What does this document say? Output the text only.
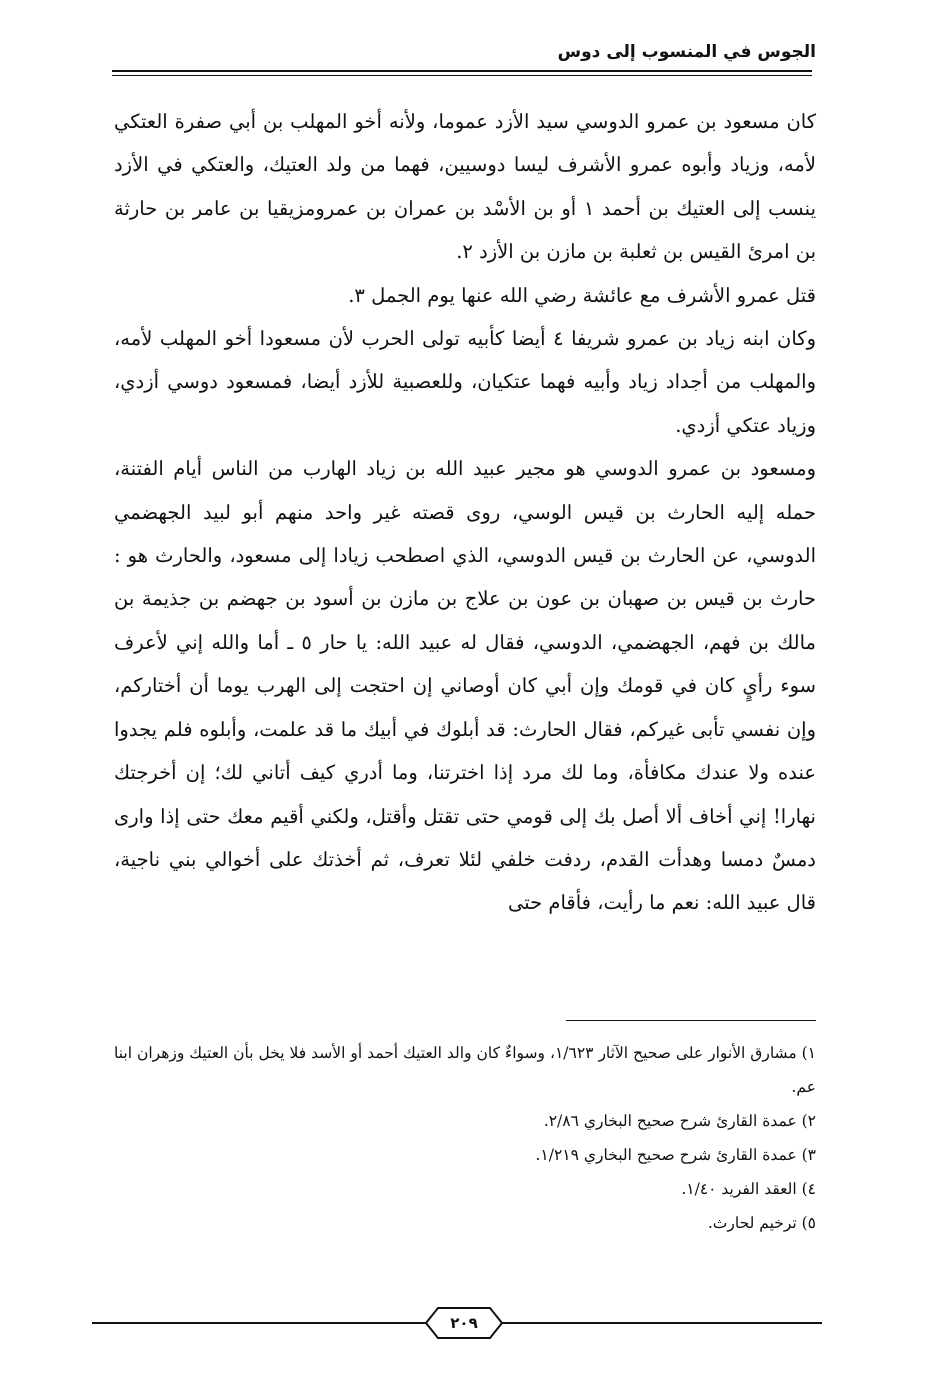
الجوس في المنسوب إلى دوس

كان مسعود بن عمرو الدوسي سيد الأزد عموما، ولأنه أخو المهلب بن أبي صفرة العتكي لأمه، وزياد وأبوه عمرو الأشرف ليسا دوسيين، فهما من ولد العتيك، والعتكي في الأزد ينسب إلى العتيك بن أحمد ١ أو بن الأسْد بن عمران بن عمرومزيقيا بن عامر بن حارثة بن امرئ القيس بن ثعلبة بن مازن بن الأزد ٢.

قتل عمرو الأشرف مع عائشة رضي الله عنها يوم الجمل ٣.

وكان ابنه زياد بن عمرو شريفا ٤ أيضا كأبيه تولى الحرب لأن مسعودا أخو المهلب لأمه، والمهلب من أجداد زياد وأبيه فهما عتكيان، وللعصبية للأزد أيضا، فمسعود دوسي أزدي، وزياد عتكي أزدي.

ومسعود بن عمرو الدوسي هو مجير عبيد الله بن زياد الهارب من الناس أيام الفتنة، حمله إليه الحارث بن قيس الوسي، روى قصته غير واحد منهم أبو لبيد الجهضمي الدوسي، عن الحارث بن قيس الدوسي، الذي اصطحب زيادا إلى مسعود، والحارث هو : حارث بن قيس بن صهبان بن عون بن علاج بن مازن بن أسود بن جهضم بن جذيمة بن مالك بن فهم، الجهضمي، الدوسي، فقال له عبيد الله: يا حار ٥ ـ أما والله إني لأعرف سوء رأيٍ كان في قومك وإن أبي كان أوصاني إن احتجت إلى الهرب يوما أن أختاركم، وإن نفسي تأبى غيركم، فقال الحارث: قد أبلوك في أبيك ما قد علمت، وأبلوه فلم يجدوا عنده ولا عندك مكافأة، وما لك مرد إذا اخترتنا، وما أدري كيف أتاني لك؛ إن أخرجتك نهارا! إني أخاف ألا أصل بك إلى قومي حتى تقتل وأقتل، ولكني أقيم معك حتى إذا وارى دمسٌ دمسا وهدأت القدم، ردفت خلفي لئلا تعرف، ثم أخذتك على أخوالي بني ناجية، قال عبيد الله: نعم ما رأيت، فأقام حتى

١) مشارق الأنوار على صحيح الآثار ١/٦٢٣، وسواءٌ كان والد العتيك أحمد أو الأسد فلا يخل بأن العتيك وزهران ابنا عم.

٢) عمدة القارئ شرح صحيح البخاري ٢/٨٦.

٣) عمدة القارئ شرح صحيح البخاري ١/٢١٩.

٤) العقد الفريد ١/٤٠.

٥) ترخيم لحارث.

٢٠٩
